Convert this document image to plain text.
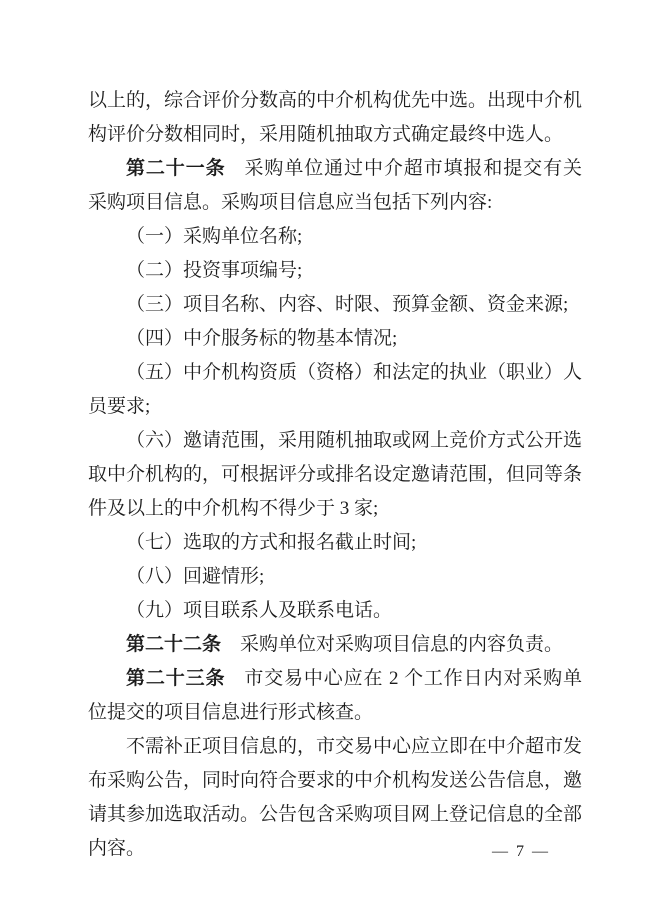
以上的，综合评价分数高的中介机构优先中选。出现中介机构评价分数相同时，采用随机抽取方式确定最终中选人。

第二十一条 采购单位通过中介超市填报和提交有关采购项目信息。采购项目信息应当包括下列内容:

（一）采购单位名称;

（二）投资事项编号;

（三）项目名称、内容、时限、预算金额、资金来源;

（四）中介服务标的物基本情况;

（五）中介机构资质（资格）和法定的执业（职业）人员要求;

（六）邀请范围，采用随机抽取或网上竞价方式公开选取中介机构的，可根据评分或排名设定邀请范围，但同等条件及以上的中介机构不得少于 3 家;

（七）选取的方式和报名截止时间;

（八）回避情形;

（九）项目联系人及联系电话。

第二十二条 采购单位对采购项目信息的内容负责。

第二十三条 市交易中心应在 2 个工作日内对采购单位提交的项目信息进行形式核查。

不需补正项目信息的，市交易中心应立即在中介超市发布采购公告，同时向符合要求的中介机构发送公告信息，邀请其参加选取活动。公告包含采购项目网上登记信息的全部内容。	— 7 —
